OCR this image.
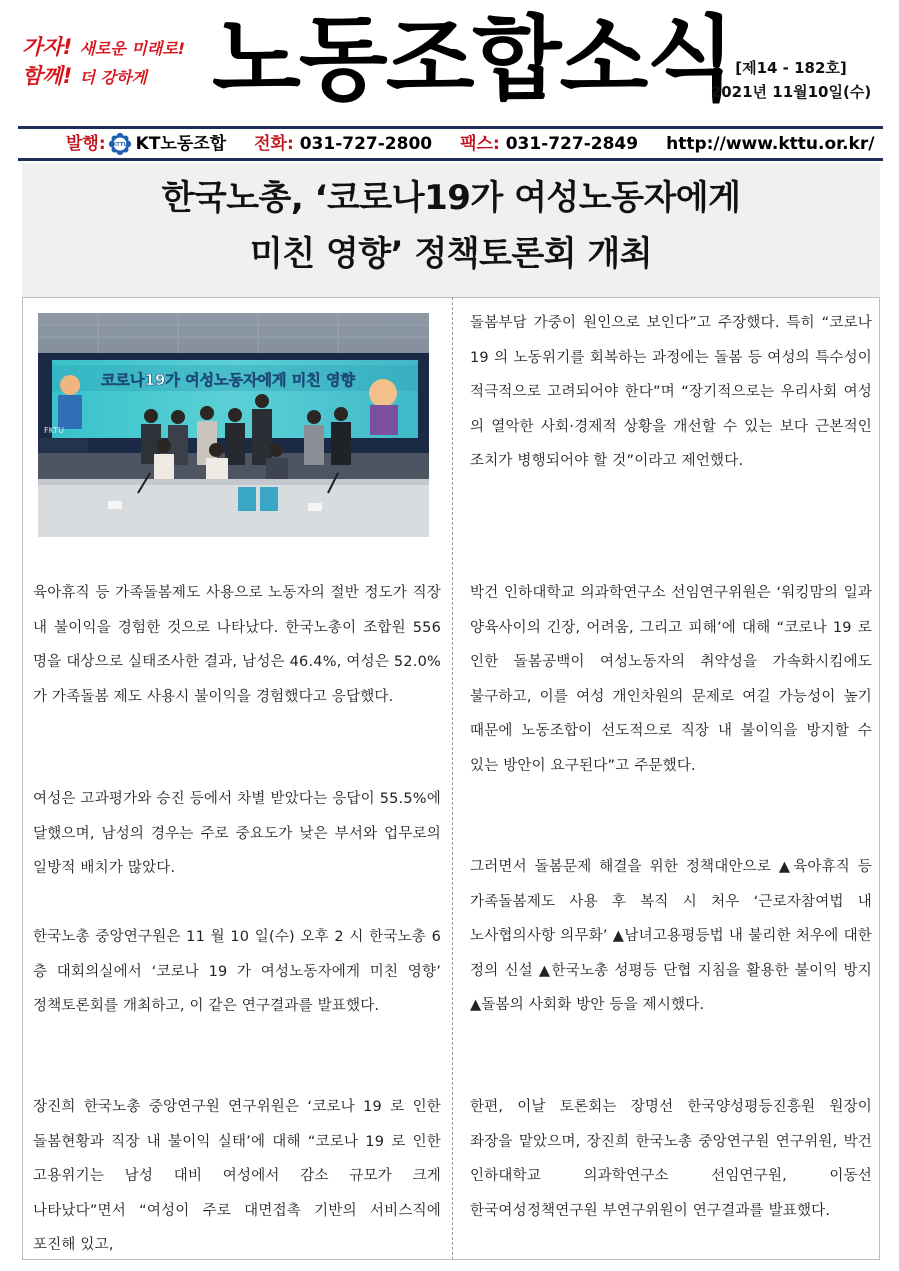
가자! 새로운 미래로!
함께! 더 강하게 노동조합소식 [제14 - 182호]
2021년 11월10일(수)
발행: KTTU KT노동조합 전화:
031-727-2800 팩스:
031-727-2849 http://www.kttu.or.kr/
한국노총, ‘코로나19가 여성노동자에게
미친 영향’ 정책토론회 개최
코로나19가 여성노동자에게 미친 영향
FKTU

육아휴직 등 가족돌봄제도 사용으로 노동자의 절반 정도가 직장 내 불이익을 경험한 것으로 나타났다. 한국노총이 조합원 556 명을 대상으로 실태조사한 결과, 남성은 46.4%, 여성은 52.0%가 가족돌봄 제도 사용시 불이익을 경험했다고 응답했다.

여성은 고과평가와 승진 등에서 차별 받았다는 응답이 55.5%에 달했으며, 남성의 경우는 주로 중요도가 낮은 부서와 업무로의 일방적 배치가 많았다.

한국노총 중앙연구원은 11 월 10 일(수) 오후 2 시 한국노총 6 층 대회의실에서 ‘코로나 19 가 여성노동자에게 미친 영향’ 정책토론회를 개최하고, 이 같은 연구결과를 발표했다.

장진희 한국노총 중앙연구원 연구위원은 ‘코로나 19 로 인한 돌봄현황과 직장 내 불이익 실태’에 대해 “코로나 19 로 인한 고용위기는 남성 대비 여성에서 감소 규모가 크게 나타났다”면서 “여성이 주로 대면접촉 기반의 서비스직에 포진해 있고,

돌봄부담 가중이 원인으로 보인다”고 주장했다. 특히 “코로나 19 의 노동위기를 회복하는 과정에는 돌봄 등 여성의 특수성이 적극적으로 고려되어야 한다”며 “장기적으로는 우리사회 여성 의 열악한 사회·경제적 상황을 개선할 수 있는 보다 근본적인 조치가 병행되어야 할 것”이라고 제언했다.

박건 인하대학교 의과학연구소 선임연구위원은 ‘워킹맘의 일과 양육사이의 긴장, 어려움, 그리고 피해’에 대해 “코로나 19 로 인한 돌봄공백이 여성노동자의 취약성을 가속화시킴에도 불구하고, 이를 여성 개인차원의 문제로 여길 가능성이 높기 때문에 노동조합이 선도적으로 직장 내 불이익을 방지할 수 있는 방안이 요구된다”고 주문했다.

그러면서 돌봄문제 해결을 위한 정책대안으로 ▲육아휴직 등 가족돌봄제도 사용 후 복직 시 처우 ‘근로자참여법 내 노사협의사항 의무화’ ▲남녀고용평등법 내 불리한 처우에 대한 정의 신설 ▲한국노총 성평등 단협 지침을 활용한 불이익 방지 ▲돌봄의 사회화 방안 등을 제시했다.

한편, 이날 토론회는 장명선 한국양성평등진흥원 원장이 좌장을 맡았으며, 장진희 한국노총 중앙연구원 연구위원, 박건 인하대학교 의과학연구소 선임연구원, 이동선 한국여성정책연구원 부연구위원이 연구결과를 발표했다.
